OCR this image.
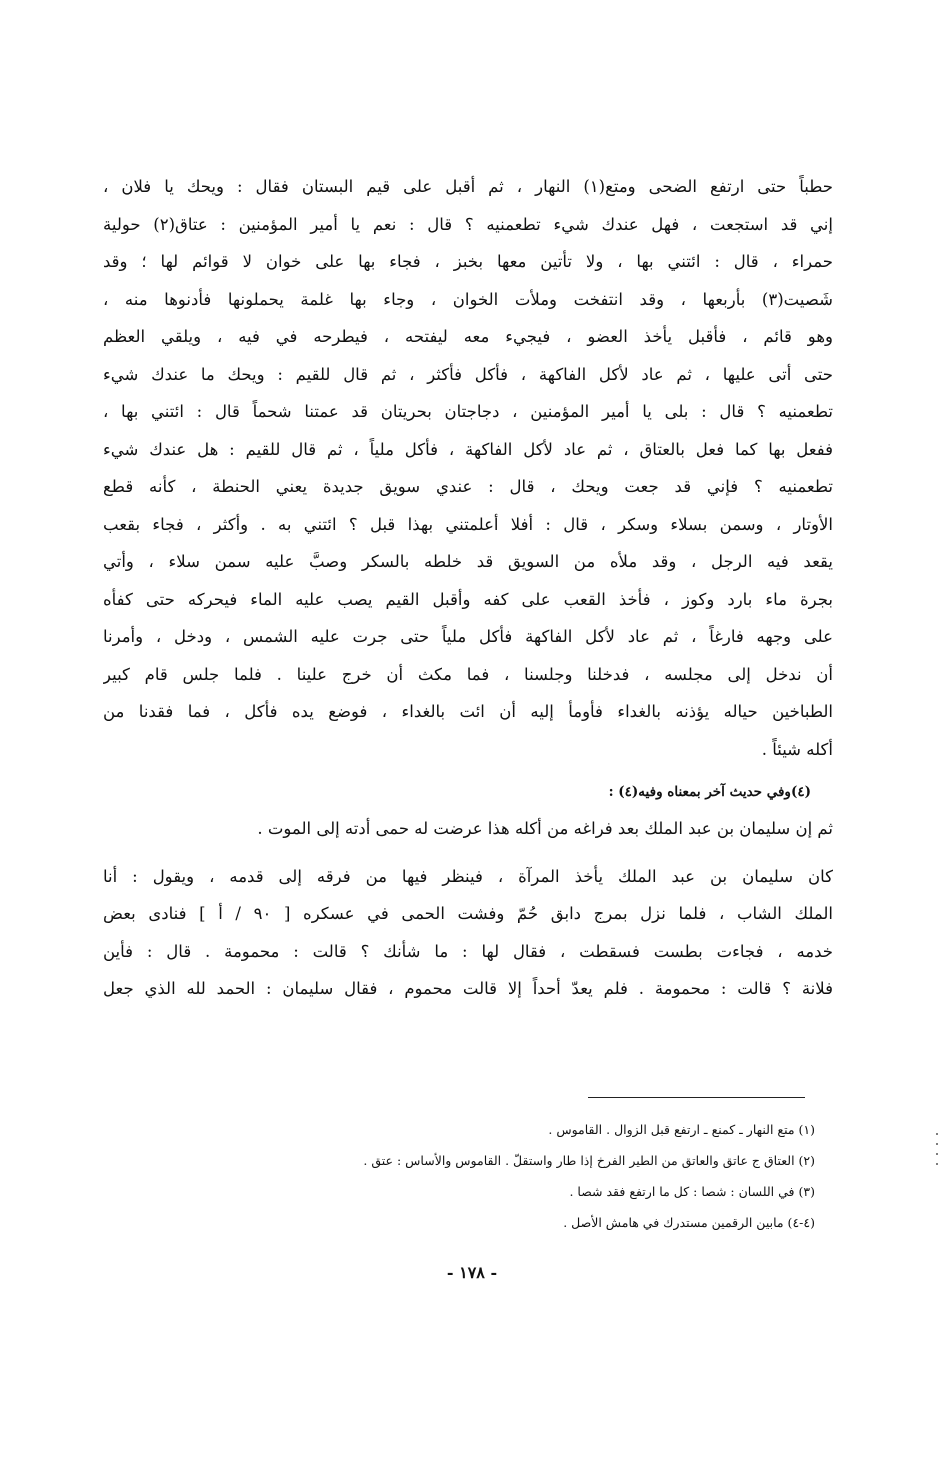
حطباً حتى ارتفع الضحى ومتع(١) النهار ، ثم أقبل على قيم البستان فقال : ويحك يا فلان ،
إني قد استجعت ، فهل عندك شيء تطعمنيه ؟ قال : نعم يا أمير المؤمنين : عتاق(٢) حولية
حمراء ، قال : ائتني بها ، ولا تأتين معها بخبز ، فجاء بها على خوان لا قوائم لها ؛ وقد
شَصيت(٣) بأربعها ، وقد انتفخت وملأت الخوان ، وجاء بها غلمة يحملونها فأدنوها منه ،
وهو قائم ، فأقبل يأخذ العضو ، فيجيء معه ليفتحه ، فيطرحه في فيه ، ويلقي العظم
حتى أتى عليها ، ثم عاد لأكل الفاكهة ، فأكل فأكثر ، ثم قال للقيم : ويحك ما عندك شيء
تطعمنيه ؟ قال : بلى يا أمير المؤمنين ، دجاجتان بحريتان قد عمتنا شحماً قال : ائتني بها ،
ففعل بها كما فعل بالعتاق ، ثم عاد لأكل الفاكهة ، فأكل ملياً ، ثم قال للقيم : هل عندك شيء
تطعمنيه ؟ فإني قد جعت ويحك ، قال : عندي سويق جديدة يعني الحنطة ، كأنه قطع
الأوتار ، وسمن بسلاء وسكر ، قال : أفلا أعلمتني بهذا قبل ؟ ائتني به . وأكثر ، فجاء بقعب
يقعد فيه الرجل ، وقد ملأه من السويق قد خلطه بالسكر وصبَّ عليه سمن سلاء ، وأتي
بجرة ماء بارد وكوز ، فأخذ القعب على كفه وأقبل القيم يصب عليه الماء فيحركه حتى كفأه
على وجهه فارغاً ، ثم عاد لأكل الفاكهة فأكل ملياً حتى جرت عليه الشمس ، ودخل ، وأمرنا
أن ندخل إلى مجلسه ، فدخلنا وجلسنا ، فما مكث أن خرج علينا . فلما جلس قام كبير
الطباخين حياله يؤذنه بالغداء فأومأ إليه أن ائت بالغداء ، فوضع يده فأكل ، فما فقدنا من
أكله شيئاً .
(٤)وفي حديث آخر بمعناه وفيه(٤) :
ثم إن سليمان بن عبد الملك بعد فراغه من أكله هذا عرضت له حمى أدته إلى الموت .
كان سليمان بن عبد الملك يأخذ المرآة ، فينظر فيها من فرقه إلى قدمه ، ويقول : أنا
الملك الشاب ، فلما نزل بمرج دابق حُمّ وفشت الحمى في عسكره [ ٩٠ / أ ] فنادى بعض
خدمه ، فجاءت بطست فسقطت ، فقال لها : ما شأنك ؟ قالت : محمومة . قال : فأين
فلانة ؟ قالت : محمومة . فلم يعدّ أحداً إلا قالت محموم ، فقال سليمان : الحمد لله الذي جعل
(١) متع النهار ـ كمنع ـ ارتفع قبل الزوال . القاموس .
(٢) العتاق ج عاتق والعاتق من الطير الفرخ إذا طار واستقلّ . القاموس والأساس : عتق .
(٣) في اللسان : شصا : كل ما ارتفع فقد شصا .
(٤-٤) مابين الرقمين مستدرك في هامش الأصل .
- ١٧٨ -
